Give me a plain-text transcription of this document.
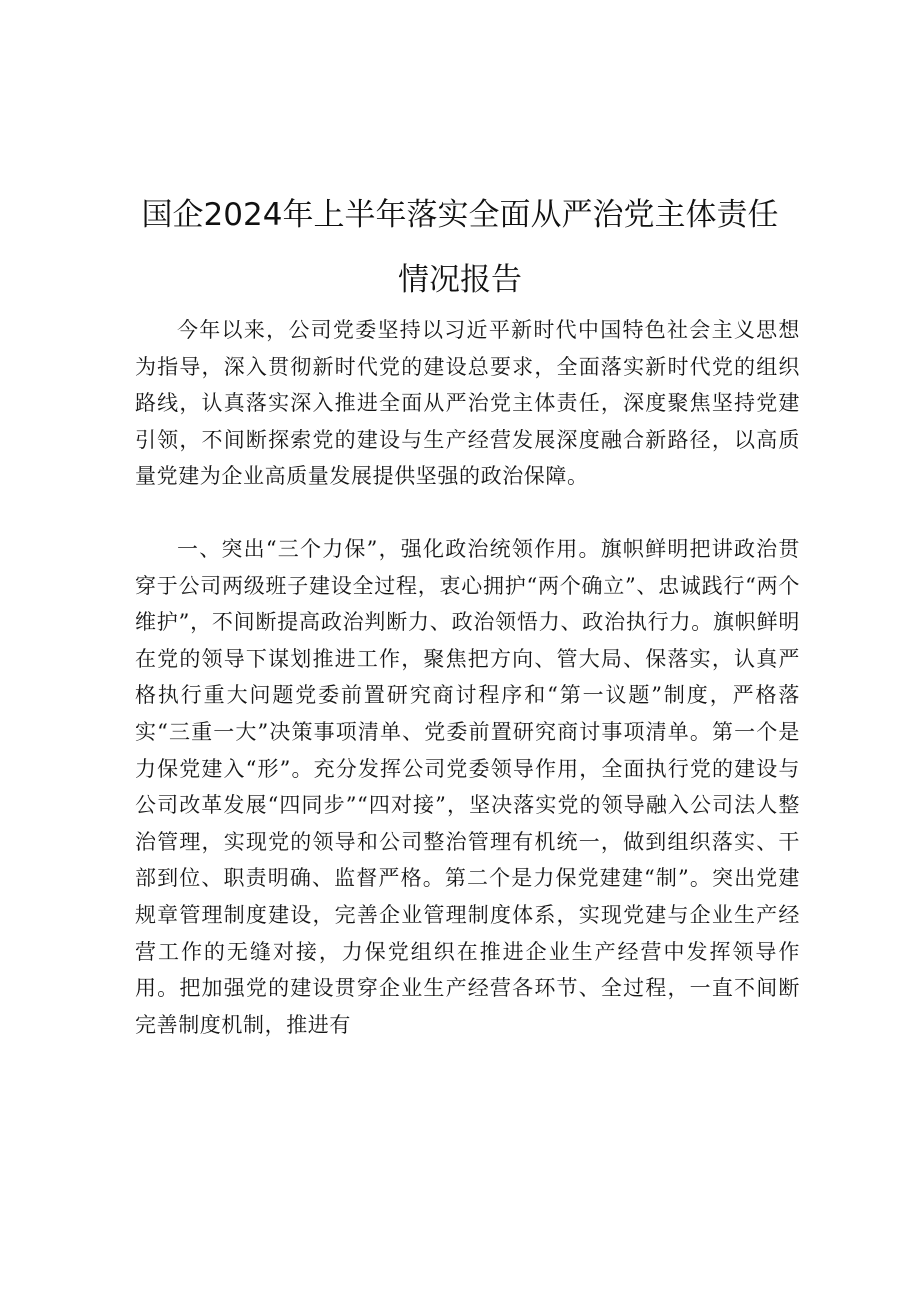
国企2024年上半年落实全面从严治党主体责任
情况报告

今年以来，公司党委坚持以习近平新时代中国特色社会主义思想为指导，深入贯彻新时代党的建设总要求，全面落实新时代党的组织路线，认真落实深入推进全面从严治党主体责任，深度聚焦坚持党建引领，不间断探索党的建设与生产经营发展深度融合新路径，以高质量党建为企业高质量发展提供坚强的政治保障。

一、突出“三个力保”，强化政治统领作用。旗帜鲜明把讲政治贯穿于公司两级班子建设全过程，衷心拥护“两个确立”、忠诚践行“两个维护”，不间断提高政治判断力、政治领悟力、政治执行力。旗帜鲜明在党的领导下谋划推进工作，聚焦把方向、管大局、保落实，认真严格执行重大问题党委前置研究商讨程序和“第一议题”制度，严格落实“三重一大”决策事项清单、党委前置研究商讨事项清单。第一个是力保党建入“形”。充分发挥公司党委领导作用，全面执行党的建设与公司改革发展“四同步”“四对接”，坚决落实党的领导融入公司法人整治管理，实现党的领导和公司整治管理有机统一，做到组织落实、干部到位、职责明确、监督严格。第二个是力保党建建“制”。突出党建规章管理制度建设，完善企业管理制度体系，实现党建与企业生产经营工作的无缝对接，力保党组织在推进企业生产经营中发挥领导作用。把加强党的建设贯穿企业生产经营各环节、全过程，一直不间断完善制度机制，推进有
